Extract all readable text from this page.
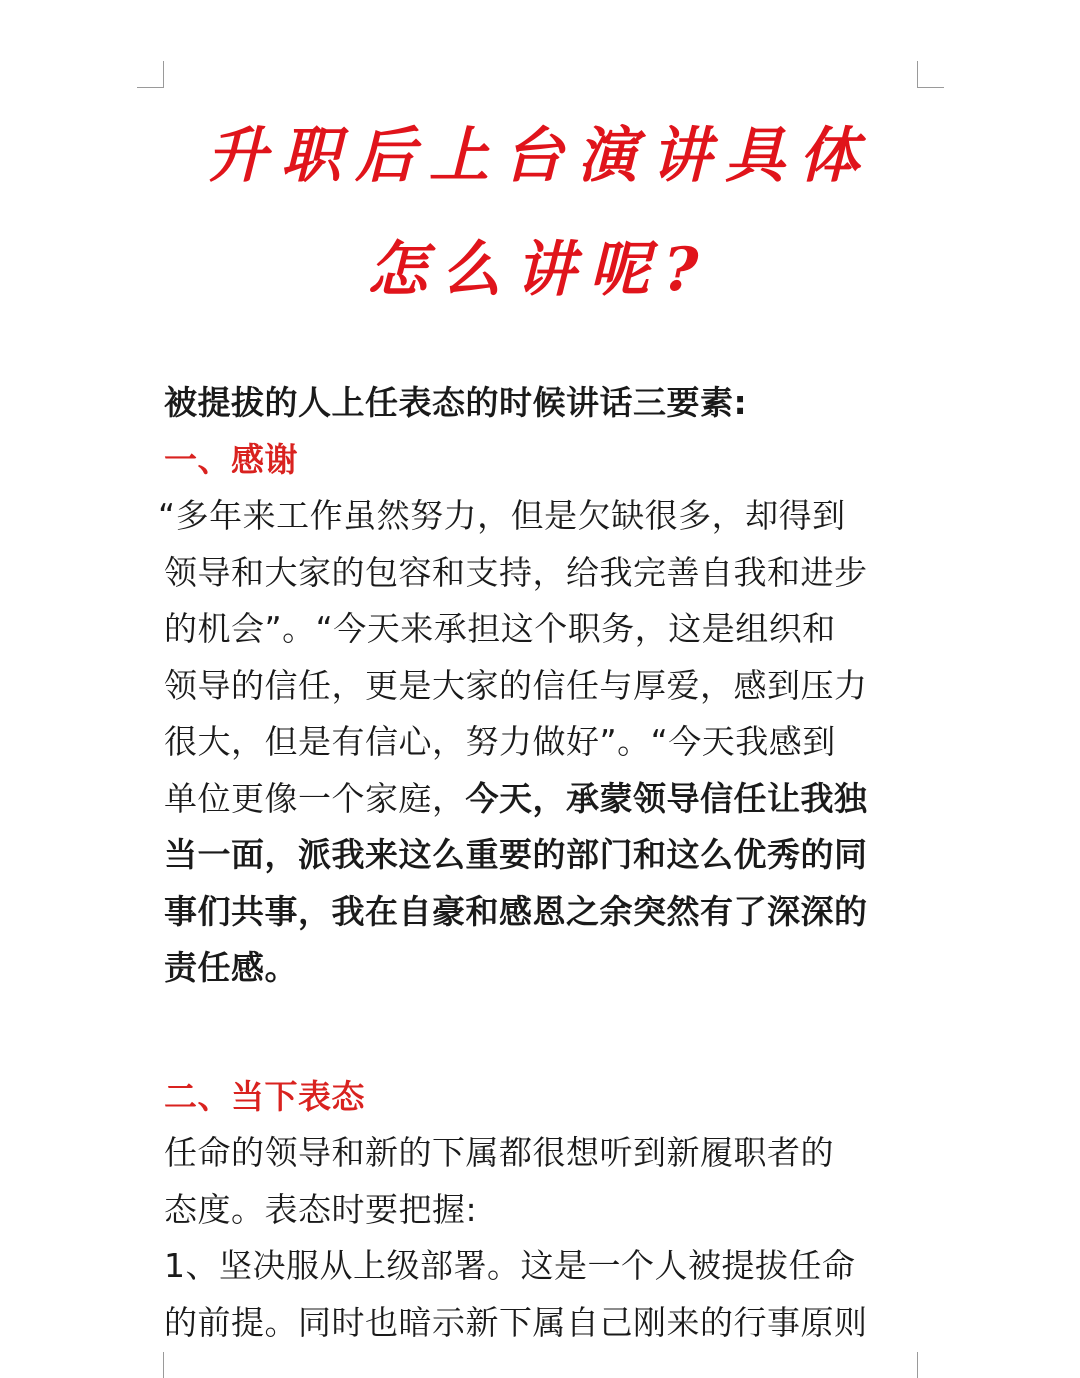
升职后上台演讲具体
怎么讲呢?
被提拔的人上任表态的时候讲话三要素:
一、感谢
“多年来工作虽然努力，但是欠缺很多，却得到
领导和大家的包容和支持，给我完善自我和进步
的机会”。“今天来承担这个职务，这是组织和
领导的信任，更是大家的信任与厚爱，感到压力
很大，但是有信心，努力做好”。“今天我感到
单位更像一个家庭，今天，承蒙领导信任让我独
当一面，派我来这么重要的部门和这么优秀的同
事们共事，我在自豪和感恩之余突然有了深深的
责任感。
二、当下表态
任命的领导和新的下属都很想听到新履职者的
态度。表态时要把握:
1、坚决服从上级部署。这是一个人被提拔任命
的前提。同时也暗示新下属自己刚来的行事原则
